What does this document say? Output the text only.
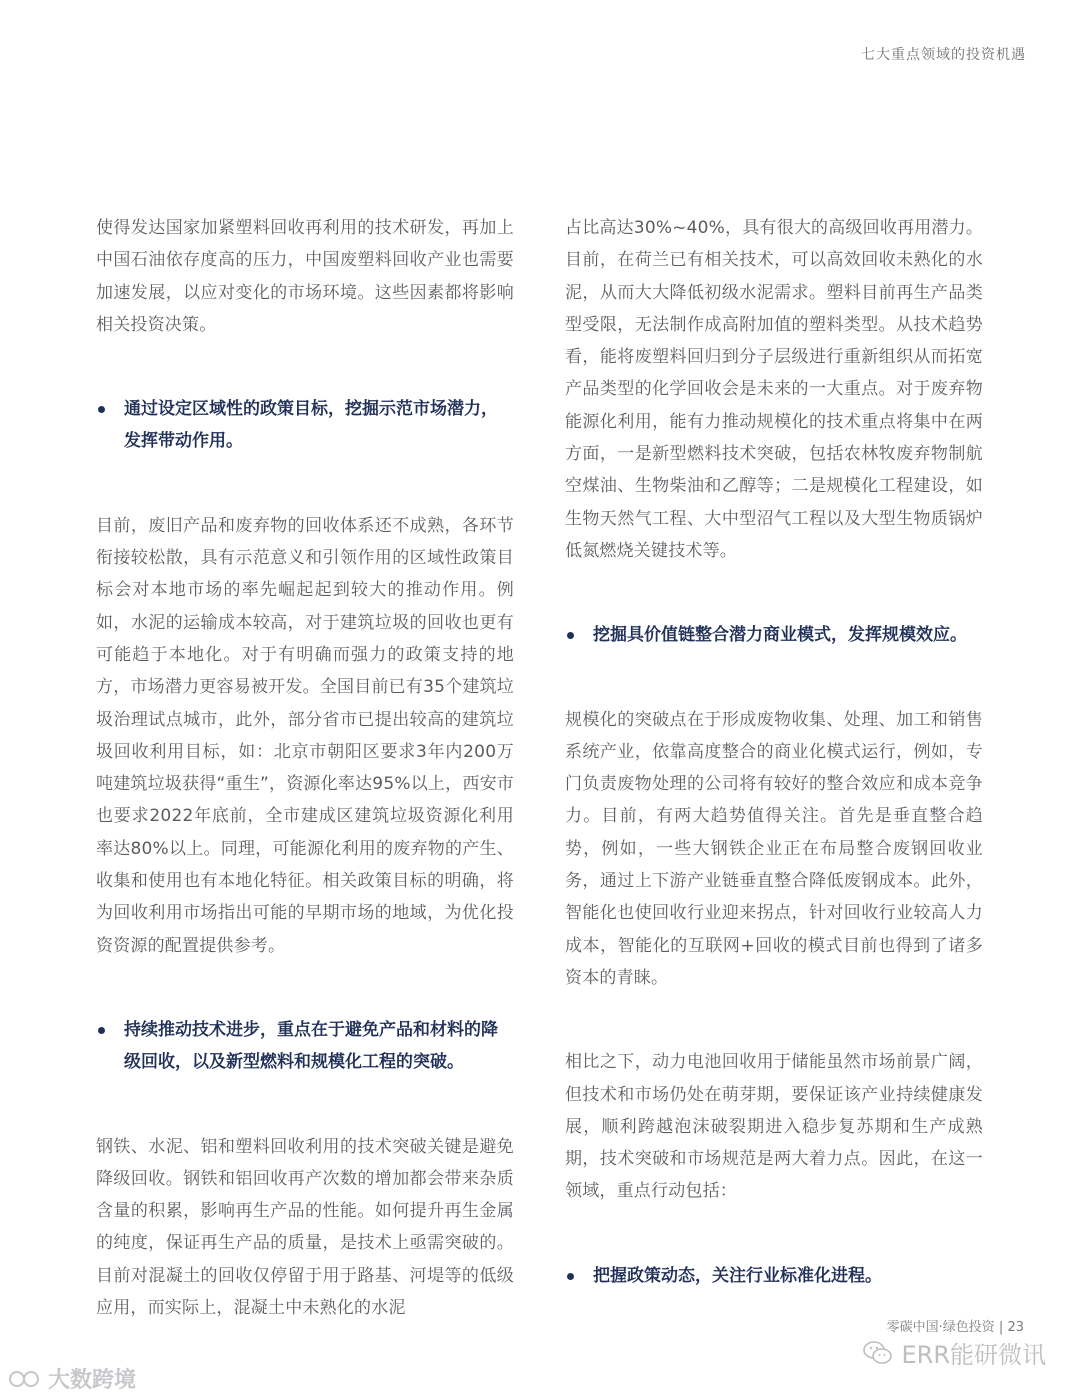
七大重点领域的投资机遇

使得发达国家加紧塑料回收再利用的技术研发，再加上中国石油依存度高的压力，中国废塑料回收产业也需要加速发展，以应对变化的市场环境。这些因素都将影响相关投资决策。

通过设定区域性的政策目标，挖掘示范市场潜力，发挥带动作用。

目前，废旧产品和废弃物的回收体系还不成熟，各环节衔接较松散，具有示范意义和引领作用的区域性政策目标会对本地市场的率先崛起起到较大的推动作用。例如，水泥的运输成本较高，对于建筑垃圾的回收也更有可能趋于本地化。对于有明确而强力的政策支持的地方，市场潜力更容易被开发。全国目前已有35个建筑垃圾治理试点城市，此外，部分省市已提出较高的建筑垃圾回收利用目标，如：北京市朝阳区要求3年内200万吨建筑垃圾获得“重生”，资源化率达95%以上，西安市也要求2022年底前，全市建成区建筑垃圾资源化利用率达80%以上。同理，可能源化利用的废弃物的产生、收集和使用也有本地化特征。相关政策目标的明确，将为回收利用市场指出可能的早期市场的地域，为优化投资资源的配置提供参考。

持续推动技术进步，重点在于避免产品和材料的降级回收，以及新型燃料和规模化工程的突破。

钢铁、水泥、铝和塑料回收利用的技术突破关键是避免降级回收。钢铁和铝回收再产次数的增加都会带来杂质含量的积累，影响再生产品的性能。如何提升再生金属的纯度，保证再生产品的质量，是技术上亟需突破的。目前对混凝土的回收仅停留于用于路基、河堤等的低级应用，而实际上，混凝土中未熟化的水泥

占比高达30%~40%，具有很大的高级回收再用潜力。目前，在荷兰已有相关技术，可以高效回收未熟化的水泥，从而大大降低初级水泥需求。塑料目前再生产品类型受限，无法制作成高附加值的塑料类型。从技术趋势看，能将废塑料回归到分子层级进行重新组织从而拓宽产品类型的化学回收会是未来的一大重点。对于废弃物能源化利用，能有力推动规模化的技术重点将集中在两方面，一是新型燃料技术突破，包括农林牧废弃物制航空煤油、生物柴油和乙醇等；二是规模化工程建设，如生物天然气工程、大中型沼气工程以及大型生物质锅炉低氮燃烧关键技术等。

挖掘具价值链整合潜力商业模式，发挥规模效应。

规模化的突破点在于形成废物收集、处理、加工和销售系统产业，依靠高度整合的商业化模式运行，例如，专门负责废物处理的公司将有较好的整合效应和成本竞争力。目前，有两大趋势值得关注。首先是垂直整合趋势，例如，一些大钢铁企业正在布局整合废钢回收业务，通过上下游产业链垂直整合降低废钢成本。此外，智能化也使回收行业迎来拐点，针对回收行业较高人力成本，智能化的互联网+回收的模式目前也得到了诸多资本的青睐。

相比之下，动力电池回收用于储能虽然市场前景广阔，但技术和市场仍处在萌芽期，要保证该产业持续健康发展，顺利跨越泡沫破裂期进入稳步复苏期和生产成熟期，技术突破和市场规范是两大着力点。因此，在这一领域，重点行动包括：

把握政策动态，关注行业标准化进程。

零碳中国·绿色投资 | 23
ERR能研微讯
大数跨境
